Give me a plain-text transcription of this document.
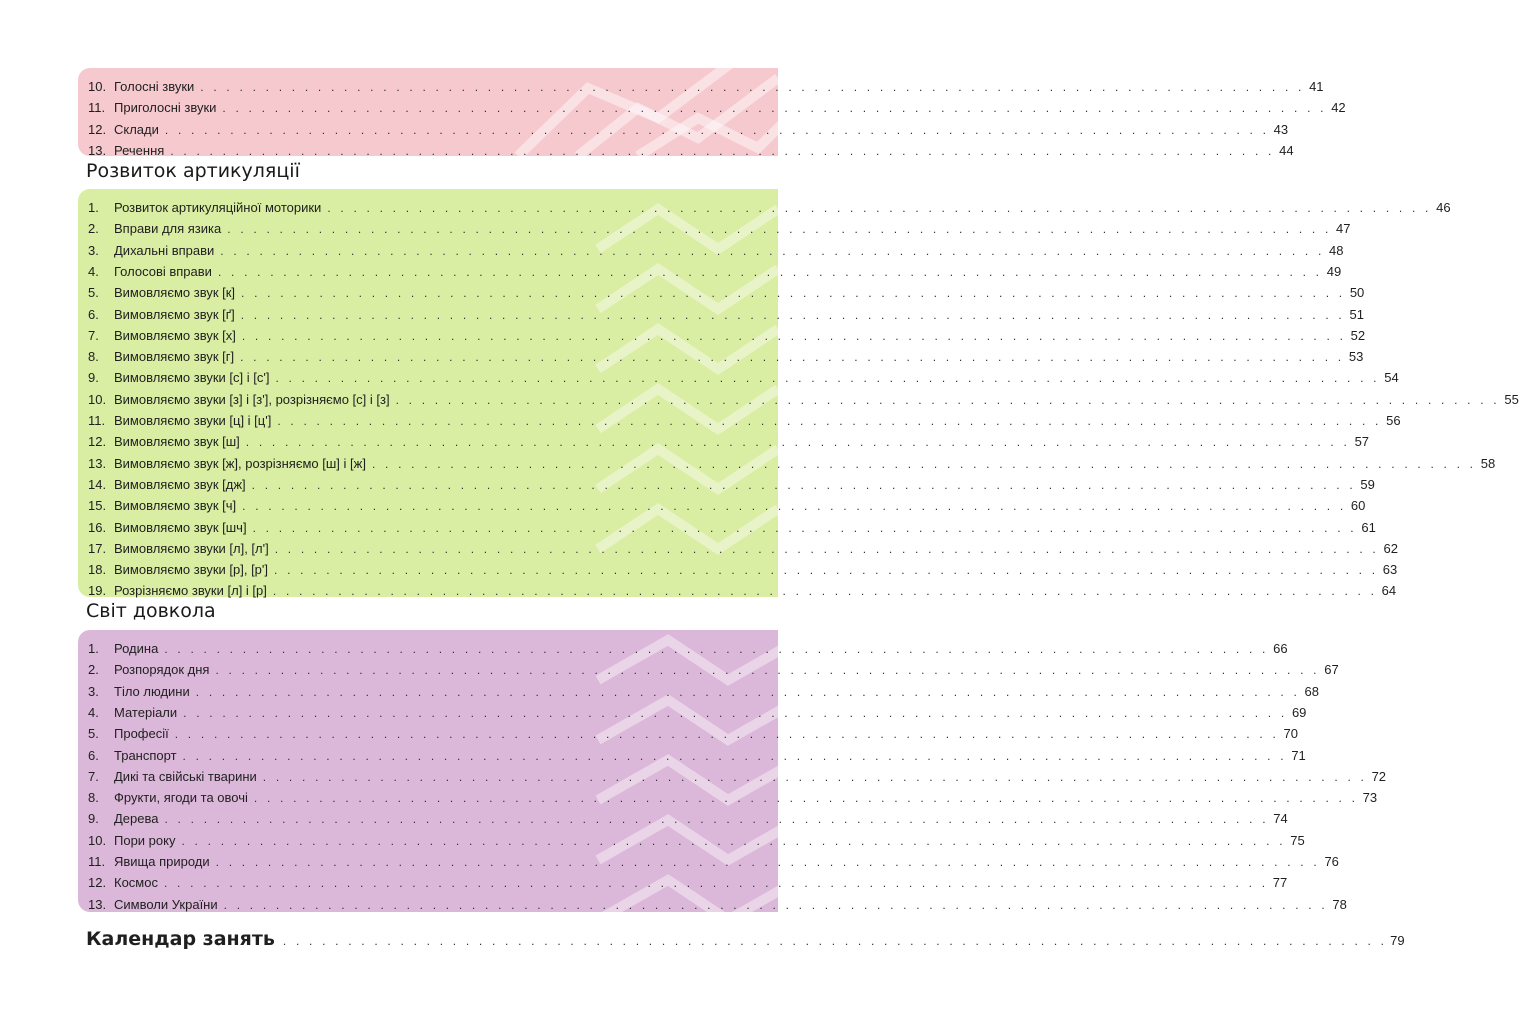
10. Голосні звуки . . . . . . . . . . . . . . . . . . . . . . . . . . . . . . . . . . . . . . . . . . . . . . . . . . . . . . . . . . . . . . . . . . . . . . . . . . . . . . . . . . . . . 41
11. Приголосні звуки . . . . . . . . . . . . . . . . . . . . . . . . . . . . . . . . . . . . . . . . . . . . . . . . . . . . . . . . . . . . . . . . . . . . . . . . . . . . . . . . . . . . . 42
12. Склади . . . . . . . . . . . . . . . . . . . . . . . . . . . . . . . . . . . . . . . . . . . . . . . . . . . . . . . . . . . . . . . . . . . . . . . . . . . . . . . . . . . . . 43
13. Речення . . . . . . . . . . . . . . . . . . . . . . . . . . . . . . . . . . . . . . . . . . . . . . . . . . . . . . . . . . . . . . . . . . . . . . . . . . . . . . . . . . . . . 44
Розвиток артикуляції
1.	Розвиток артикуляційної моторики . . . . . . . . . . . . . . . . . . . . . . . . . . . . . . . . . . . . . . . . . . . . . . . . . . . . . . . . . . . . . . . . . . . . . . . . . . . . . . . . . . . . . 46
2.	Вправи для язика . . . . . . . . . . . . . . . . . . . . . . . . . . . . . . . . . . . . . . . . . . . . . . . . . . . . . . . . . . . . . . . . . . . . . . . . . . . . . . . . . . . . . 47
3.	Дихальні вправи . . . . . . . . . . . . . . . . . . . . . . . . . . . . . . . . . . . . . . . . . . . . . . . . . . . . . . . . . . . . . . . . . . . . . . . . . . . . . . . . . . . . . 48
4.	Голосові вправи . . . . . . . . . . . . . . . . . . . . . . . . . . . . . . . . . . . . . . . . . . . . . . . . . . . . . . . . . . . . . . . . . . . . . . . . . . . . . . . . . . . . . 49
5.	Вимовляємо звук [к] . . . . . . . . . . . . . . . . . . . . . . . . . . . . . . . . . . . . . . . . . . . . . . . . . . . . . . . . . . . . . . . . . . . . . . . . . . . . . . . . . . . . . 50
6.	Вимовляємо звук [ґ] . . . . . . . . . . . . . . . . . . . . . . . . . . . . . . . . . . . . . . . . . . . . . . . . . . . . . . . . . . . . . . . . . . . . . . . . . . . . . . . . . . . . . 51
7.	Вимовляємо звук [х] . . . . . . . . . . . . . . . . . . . . . . . . . . . . . . . . . . . . . . . . . . . . . . . . . . . . . . . . . . . . . . . . . . . . . . . . . . . . . . . . . . . . . 52
8.	Вимовляємо звук [г] . . . . . . . . . . . . . . . . . . . . . . . . . . . . . . . . . . . . . . . . . . . . . . . . . . . . . . . . . . . . . . . . . . . . . . . . . . . . . . . . . . . . . 53
9.	Вимовляємо звуки [с] і [с'] . . . . . . . . . . . . . . . . . . . . . . . . . . . . . . . . . . . . . . . . . . . . . . . . . . . . . . . . . . . . . . . . . . . . . . . . . . . . . . . . . . . . . 54
10. Вимовляємо звуки [з] і [з'], розрізняємо [с] і [з] . . . . . . . . . . . . . . . . . . . . . . . . . . . . . . . . . . . . . . . . . . . . . . . . . . . . . . . . . . . . . . . . . . . . . . . . . . . . . . . . . . . . . 55
11. Вимовляємо звуки [ц] і [ц'] . . . . . . . . . . . . . . . . . . . . . . . . . . . . . . . . . . . . . . . . . . . . . . . . . . . . . . . . . . . . . . . . . . . . . . . . . . . . . . . . . . . . . 56
12. Вимовляємо звук [ш] . . . . . . . . . . . . . . . . . . . . . . . . . . . . . . . . . . . . . . . . . . . . . . . . . . . . . . . . . . . . . . . . . . . . . . . . . . . . . . . . . . . . . 57
13. Вимовляємо звук [ж], розрізняємо [ш] і [ж] . . . . . . . . . . . . . . . . . . . . . . . . . . . . . . . . . . . . . . . . . . . . . . . . . . . . . . . . . . . . . . . . . . . . . . . . . . . . . . . . . . . . . 58
14. Вимовляємо звук [дж] . . . . . . . . . . . . . . . . . . . . . . . . . . . . . . . . . . . . . . . . . . . . . . . . . . . . . . . . . . . . . . . . . . . . . . . . . . . . . . . . . . . . . 59
15. Вимовляємо звук [ч] . . . . . . . . . . . . . . . . . . . . . . . . . . . . . . . . . . . . . . . . . . . . . . . . . . . . . . . . . . . . . . . . . . . . . . . . . . . . . . . . . . . . . 60
16. Вимовляємо звук [шч] . . . . . . . . . . . . . . . . . . . . . . . . . . . . . . . . . . . . . . . . . . . . . . . . . . . . . . . . . . . . . . . . . . . . . . . . . . . . . . . . . . . . . 61
17. Вимовляємо звуки [л], [л'] . . . . . . . . . . . . . . . . . . . . . . . . . . . . . . . . . . . . . . . . . . . . . . . . . . . . . . . . . . . . . . . . . . . . . . . . . . . . . . . . . . . . . 62
18. Вимовляємо звуки [р], [р'] . . . . . . . . . . . . . . . . . . . . . . . . . . . . . . . . . . . . . . . . . . . . . . . . . . . . . . . . . . . . . . . . . . . . . . . . . . . . . . . . . . . . . 63
19. Розрізняємо звуки [л] і [р] . . . . . . . . . . . . . . . . . . . . . . . . . . . . . . . . . . . . . . . . . . . . . . . . . . . . . . . . . . . . . . . . . . . . . . . . . . . . . . . . . . . . . 64
Світ довкола
1.	Родина . . . . . . . . . . . . . . . . . . . . . . . . . . . . . . . . . . . . . . . . . . . . . . . . . . . . . . . . . . . . . . . . . . . . . . . . . . . . . . . . . . . . . 66
2.	Розпорядок дня . . . . . . . . . . . . . . . . . . . . . . . . . . . . . . . . . . . . . . . . . . . . . . . . . . . . . . . . . . . . . . . . . . . . . . . . . . . . . . . . . . . . . 67
3.	Тіло людини . . . . . . . . . . . . . . . . . . . . . . . . . . . . . . . . . . . . . . . . . . . . . . . . . . . . . . . . . . . . . . . . . . . . . . . . . . . . . . . . . . . . . 68
4.	Матеріали . . . . . . . . . . . . . . . . . . . . . . . . . . . . . . . . . . . . . . . . . . . . . . . . . . . . . . . . . . . . . . . . . . . . . . . . . . . . . . . . . . . . . 69
5.	Професії . . . . . . . . . . . . . . . . . . . . . . . . . . . . . . . . . . . . . . . . . . . . . . . . . . . . . . . . . . . . . . . . . . . . . . . . . . . . . . . . . . . . . 70
6.	Транспорт . . . . . . . . . . . . . . . . . . . . . . . . . . . . . . . . . . . . . . . . . . . . . . . . . . . . . . . . . . . . . . . . . . . . . . . . . . . . . . . . . . . . . 71
7.	Дикі та свійські тварини . . . . . . . . . . . . . . . . . . . . . . . . . . . . . . . . . . . . . . . . . . . . . . . . . . . . . . . . . . . . . . . . . . . . . . . . . . . . . . . . . . . . . 72
8.	Фрукти, ягоди та овочі . . . . . . . . . . . . . . . . . . . . . . . . . . . . . . . . . . . . . . . . . . . . . . . . . . . . . . . . . . . . . . . . . . . . . . . . . . . . . . . . . . . . . 73
9.	Дерева . . . . . . . . . . . . . . . . . . . . . . . . . . . . . . . . . . . . . . . . . . . . . . . . . . . . . . . . . . . . . . . . . . . . . . . . . . . . . . . . . . . . . 74
10. Пори року . . . . . . . . . . . . . . . . . . . . . . . . . . . . . . . . . . . . . . . . . . . . . . . . . . . . . . . . . . . . . . . . . . . . . . . . . . . . . . . . . . . . . 75
11. Явища природи . . . . . . . . . . . . . . . . . . . . . . . . . . . . . . . . . . . . . . . . . . . . . . . . . . . . . . . . . . . . . . . . . . . . . . . . . . . . . . . . . . . . . 76
12. Космос . . . . . . . . . . . . . . . . . . . . . . . . . . . . . . . . . . . . . . . . . . . . . . . . . . . . . . . . . . . . . . . . . . . . . . . . . . . . . . . . . . . . . 77
13. Символи України . . . . . . . . . . . . . . . . . . . . . . . . . . . . . . . . . . . . . . . . . . . . . . . . . . . . . . . . . . . . . . . . . . . . . . . . . . . . . . . . . . . . . 78
Календар занять . . . . . . . . . . . . . . . . . . . . . . . . . . . . . . . . . . . . . . . . . . . . . . . . . . . . . . . . . . . . . . . . . . . . . . . . . . . . . . . . . . . . . 79
